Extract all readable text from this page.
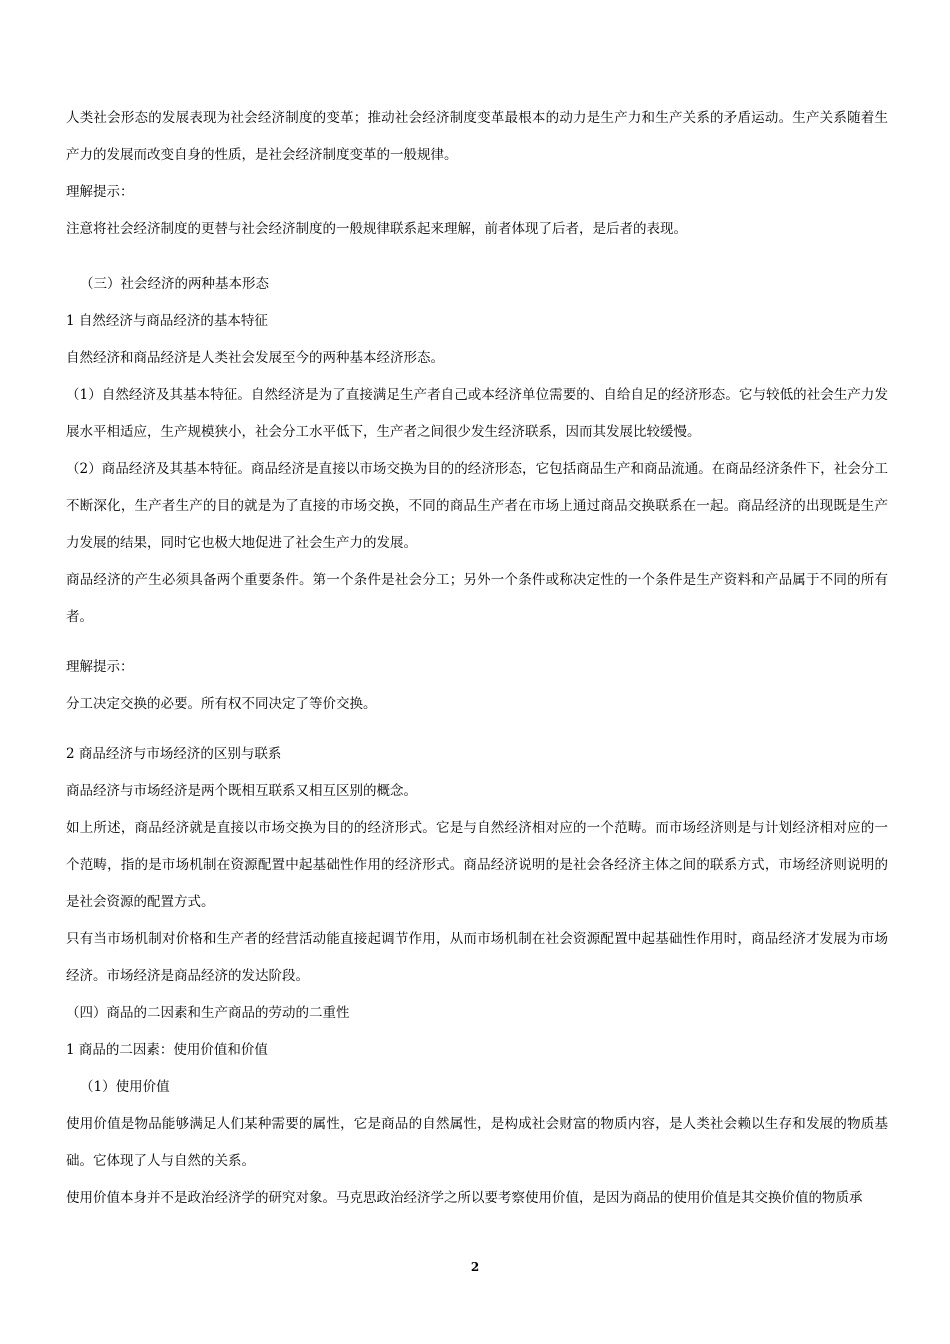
人类社会形态的发展表现为社会经济制度的变革；推动社会经济制度变革最根本的动力是生产力和生产关系的矛盾运动。生产关系随着生产力的发展而改变自身的性质，是社会经济制度变革的一般规律。

理解提示：

注意将社会经济制度的更替与社会经济制度的一般规律联系起来理解，前者体现了后者，是后者的表现。

（三）社会经济的两种基本形态

1 自然经济与商品经济的基本特征

自然经济和商品经济是人类社会发展至今的两种基本经济形态。

（1）自然经济及其基本特征。自然经济是为了直接满足生产者自己或本经济单位需要的、自给自足的经济形态。它与较低的社会生产力发展水平相适应，生产规模狭小，社会分工水平低下，生产者之间很少发生经济联系，因而其发展比较缓慢。

（2）商品经济及其基本特征。商品经济是直接以市场交换为目的的经济形态，它包括商品生产和商品流通。在商品经济条件下，社会分工不断深化，生产者生产的目的就是为了直接的市场交换，不同的商品生产者在市场上通过商品交换联系在一起。商品经济的出现既是生产力发展的结果，同时它也极大地促进了社会生产力的发展。

商品经济的产生必须具备两个重要条件。第一个条件是社会分工；另外一个条件或称决定性的一个条件是生产资料和产品属于不同的所有者。

理解提示：

分工决定交换的必要。所有权不同决定了等价交换。

2 商品经济与市场经济的区别与联系

商品经济与市场经济是两个既相互联系又相互区别的概念。

如上所述，商品经济就是直接以市场交换为目的的经济形式。它是与自然经济相对应的一个范畴。而市场经济则是与计划经济相对应的一个范畴，指的是市场机制在资源配置中起基础性作用的经济形式。商品经济说明的是社会各经济主体之间的联系方式，市场经济则说明的是社会资源的配置方式。

只有当市场机制对价格和生产者的经营活动能直接起调节作用，从而市场机制在社会资源配置中起基础性作用时，商品经济才发展为市场经济。市场经济是商品经济的发达阶段。

（四）商品的二因素和生产商品的劳动的二重性

1 商品的二因素：使用价值和价值

（1）使用价值

使用价值是物品能够满足人们某种需要的属性，它是商品的自然属性，是构成社会财富的物质内容，是人类社会赖以生存和发展的物质基础。它体现了人与自然的关系。

使用价值本身并不是政治经济学的研究对象。马克思政治经济学之所以要考察使用价值，是因为商品的使用价值是其交换价值的物质承

2
